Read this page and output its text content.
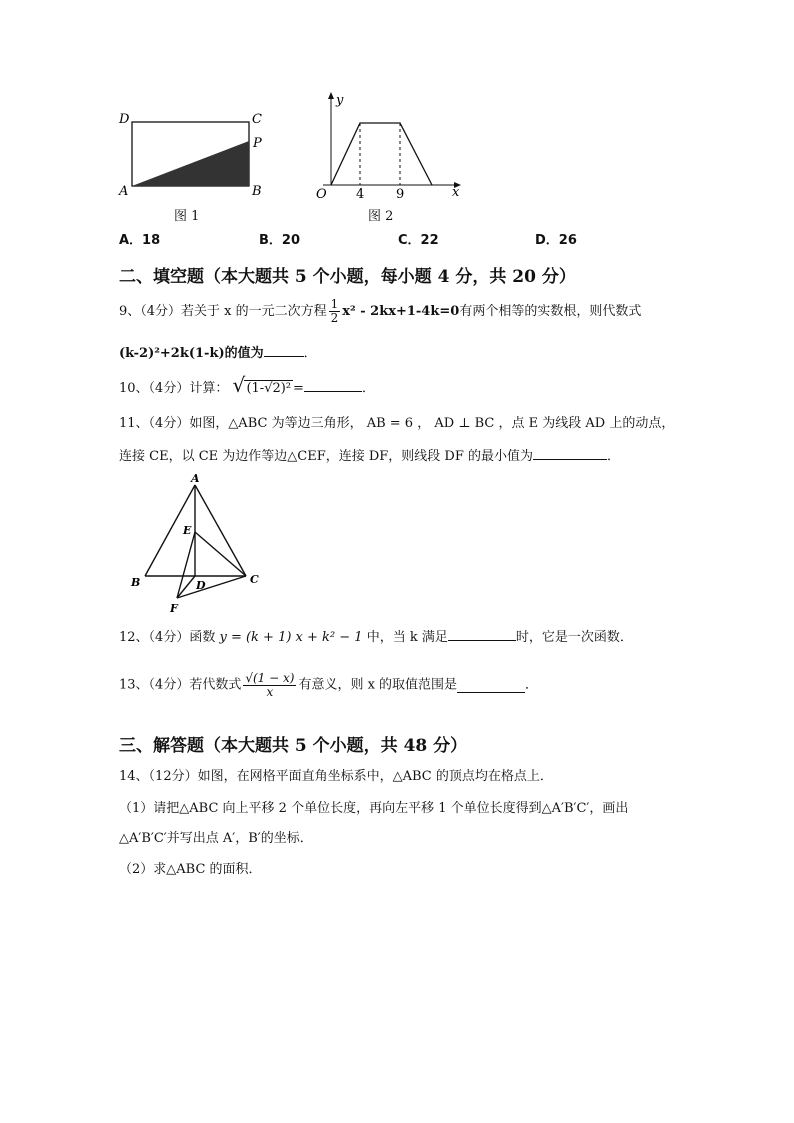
D	C
P
A	B
图 1
y
O 4 9	x
图 2
A．18	B．20	C．22	D．26
二、填空题（本大题共 5 个小题，每小题 4 分，共 20 分）
9、（4分）若关于 x 的一元二次方程 $\frac{1}{2} x^2 - 2kx+1-4k=0$有两个相等的实数根，则代数式
(k-2)²+2k(1-k)的值为	．
10、（4分）计算： √ (1-√2)² =	．
11、（4分）如图，△ABC 为等边三角形， AB = 6 ， AD ⊥ BC ，点 E 为线段 AD 上的动点，
连接 CE，以 CE 为边作等边△CEF，连接 DF，则线段 DF 的最小值为	．
A
E
B	D	C
F
12、（4分）函数 y = (k + 1) x + k² − 1 中，当 k 满足	时，它是一次函数．
13、（4分）若代数式 $\frac{√(1 - x)}{x}$ 有意义，则 x 的取值范围是	．
三、解答题（本大题共 5 个小题，共 48 分）
14、（12分）如图，在网格平面直角坐标系中，△ABC 的顶点均在格点上．
（1）请把△ABC 向上平移 2 个单位长度，再向左平移 1 个单位长度得到△A′B′C′，画出
△A′B′C′并写出点 A′，B′的坐标．
（2）求△ABC 的面积．
